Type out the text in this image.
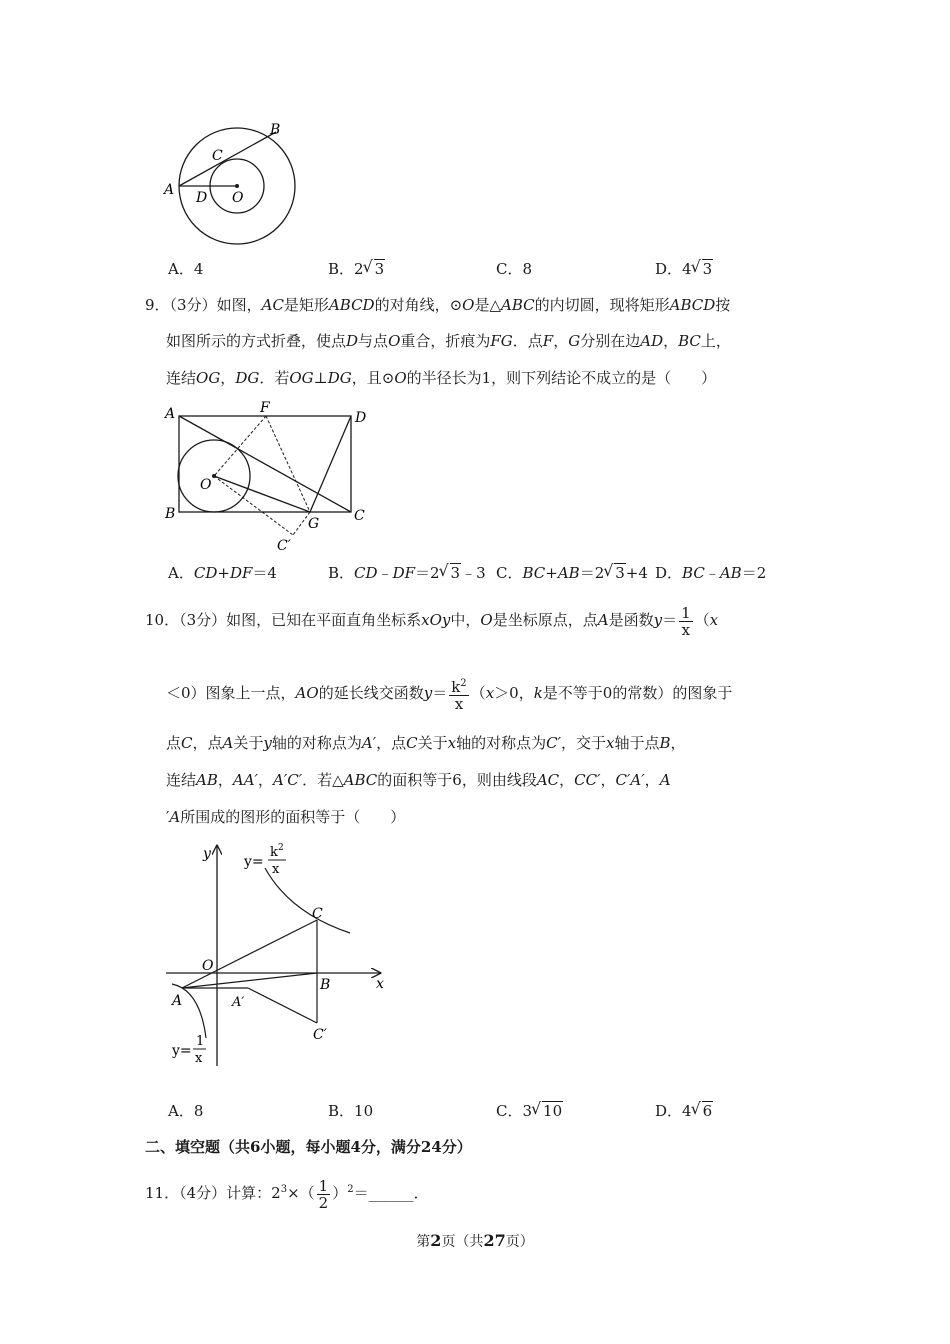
B
C
A D O
A．4	B．2 √ 3	C．8	D．4 √ 3
9．（3分）如图，AC是矩形ABCD的对角线，⊙O是△ABC的内切圆，现将矩形ABCD按
如图所示的方式折叠，使点D与点O重合，折痕为FG．点F，G分别在边AD，BC上，
连结OG，DG．若OG⊥DG，且⊙O的半径长为1，则下列结论不成立的是（　　）
A	F
D
O
B
G C
C′
A．CD+DF＝4	B．CD﹣DF＝2 √ 3﹣3 C．BC+AB＝2 √ 3+4 D．BC﹣AB＝2
10．（3分）如图，已知在平面直角坐标系xOy中，O是坐标原点，点A是函数$y= \frac{1}{x} (x$
＜0）图象上一点，AO的延长线交函数$y= \frac{k^2}{x} (x>0$，k是不等于0的常数）的图象于
点C，点A关于y轴的对称点为A′，点C关于x轴的对称点为C′，交于x轴于点B，
连结AB，AA′，A′C′．若△ABC的面积等于6，则由线段AC，CC′，C′A′，A
′A所围成的图形的面积等于（　　）
y
x
O
A	A′
B
C
C′
y=
k 2
x
y=
1
x
A．8	B．10	C．3 √ 10	D．4 √ 6
二、填空题（共6小题，每小题4分，满分24分）
11．（4分）计算：$2^3\times( \frac{1}{2}$ ）$^2=\_\_\_\_\_\_$．
第2页（共27页）
